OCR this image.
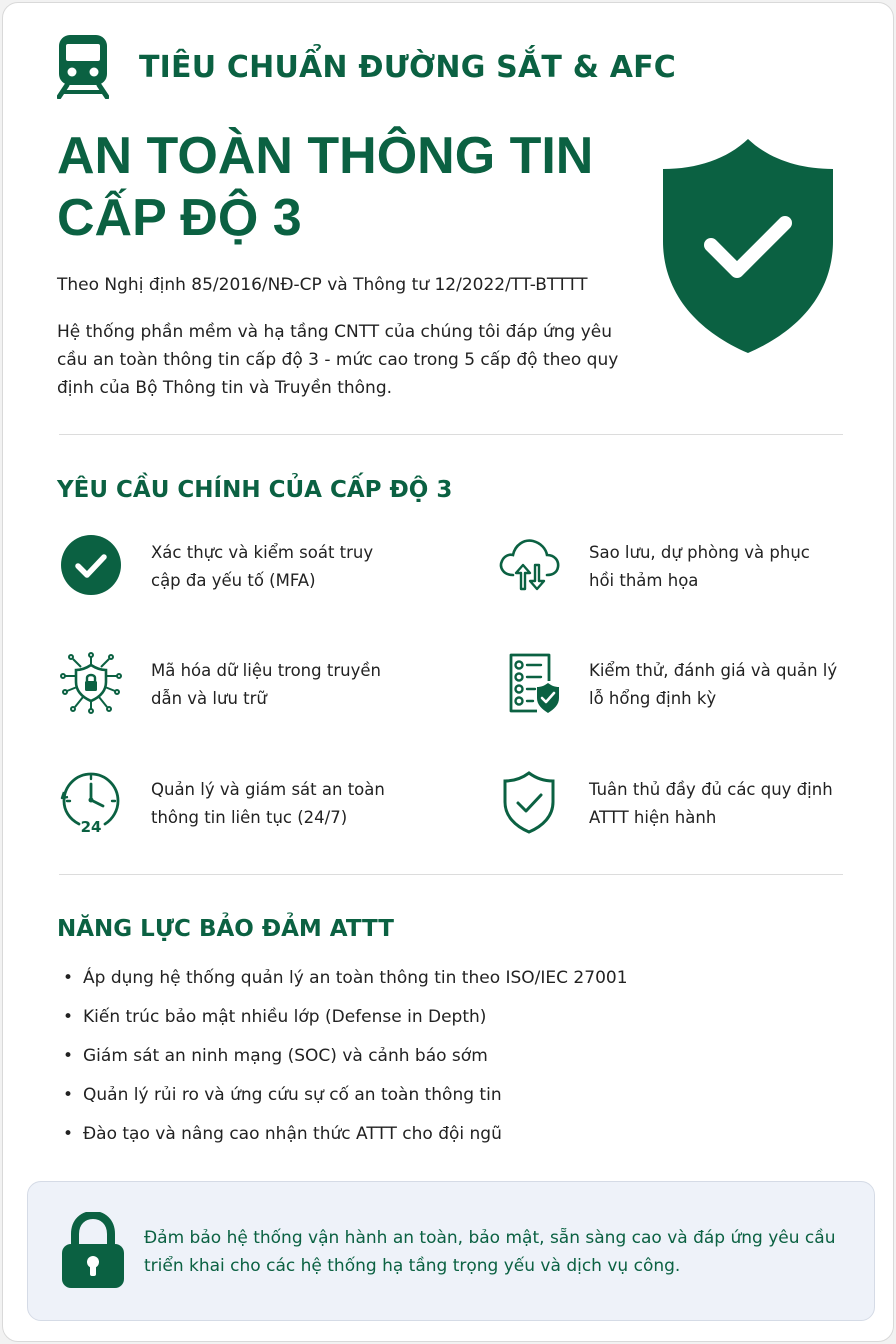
TIÊU CHUẨN ĐƯỜNG SẮT & AFC
AN TOÀN THÔNG TIN
CẤP ĐỘ 3
Theo Nghị định 85/2016/NĐ-CP và Thông tư 12/2022/TT-BTTTT
Hệ thống phần mềm và hạ tầng CNTT của chúng tôi đáp ứng yêu cầu an toàn thông tin cấp độ 3 - mức cao trong 5 cấp độ theo quy định của Bộ Thông tin và Truyền thông.
YÊU CẦU CHÍNH CỦA CẤP ĐỘ 3
Xác thực và kiểm soát truy cập đa yếu tố (MFA)
Sao lưu, dự phòng và phục hồi thảm họa
Mã hóa dữ liệu trong truyền dẫn và lưu trữ
Kiểm thử, đánh giá và quản lý lỗ hổng định kỳ
24
Quản lý và giám sát an toàn thông tin liên tục (24/7)
Tuân thủ đầy đủ các quy định ATTT hiện hành
NĂNG LỰC BẢO ĐẢM ATTT
• Áp dụng hệ thống quản lý an toàn thông tin theo ISO/IEC 27001
• Kiến trúc bảo mật nhiều lớp (Defense in Depth)
• Giám sát an ninh mạng (SOC) và cảnh báo sớm
• Quản lý rủi ro và ứng cứu sự cố an toàn thông tin
• Đào tạo và nâng cao nhận thức ATTT cho đội ngũ
Đảm bảo hệ thống vận hành an toàn, bảo mật, sẵn sàng cao và đáp ứng yêu cầu triển khai cho các hệ thống hạ tầng trọng yếu và dịch vụ công.
